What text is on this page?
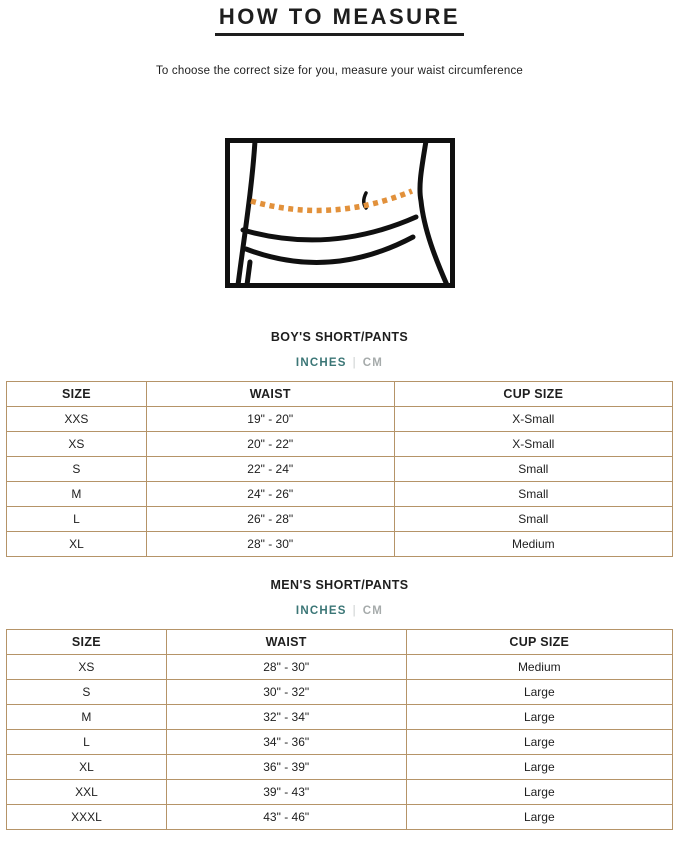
HOW TO MEASURE

To choose the correct size for you, measure your waist circumference

BOY'S SHORT/PANTS
INCHES | CM
SIZE	WAIST	CUP SIZE
XXS	19" - 20"	X-Small
XS	20" - 22"	X-Small
S	22" - 24"	Small
M	24" - 26"	Small
L	26" - 28"	Small
XL	28" - 30"	Medium
MEN'S SHORT/PANTS
INCHES | CM
SIZE	WAIST	CUP SIZE
XS	28" - 30"	Medium
S	30" - 32"	Large
M	32" - 34"	Large
L	34" - 36"	Large
XL	36" - 39"	Large
XXL	39" - 43"	Large
XXXL	43" - 46"	Large
